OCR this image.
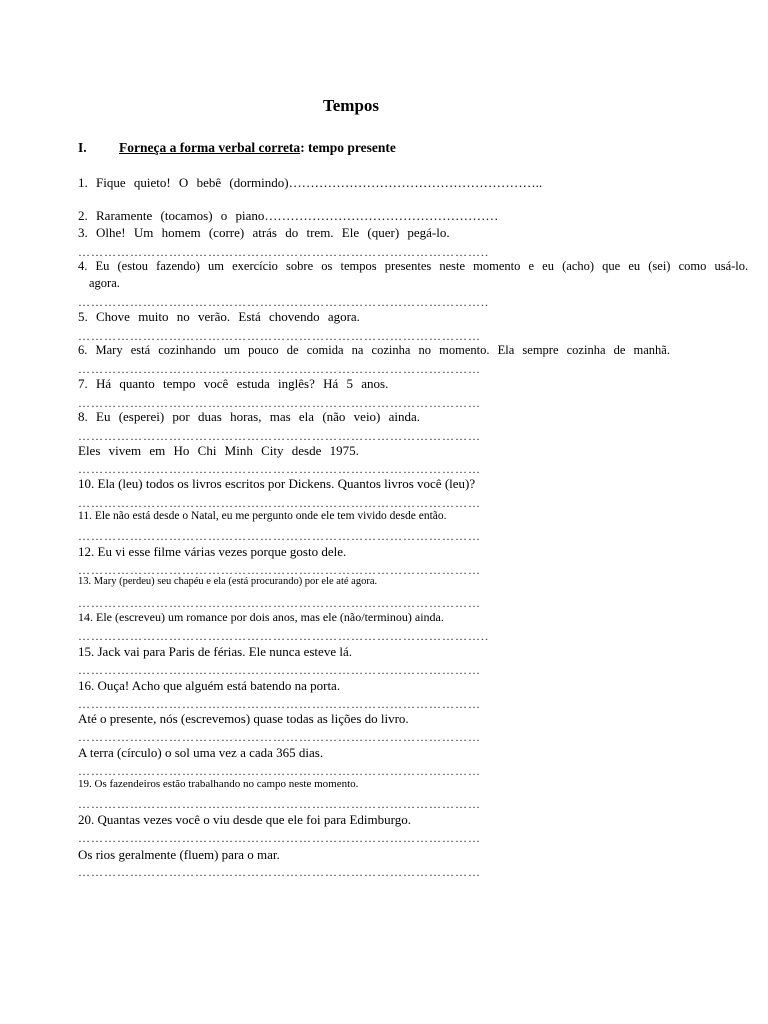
Tempos
I. Forneça a forma verbal correta: tempo presente
1. Fique quieto! O bebê (dormindo)…………………………………………………..
2. Raramente (tocamos) o piano………………………………………………
3. Olhe! Um homem (corre) atrás do trem. Ele (quer) pegá-lo.
…………………………………………………………………………………..
4. Eu (estou fazendo) um exercício sobre os tempos presentes neste momento e eu (acho) que eu (sei) como usá-lo.
agora.
…………………………………………………………………………………..
5. Chove muito no verão. Está chovendo agora.
…………………………………………………………………………………
6. Mary está cozinhando um pouco de comida na cozinha no momento. Ela sempre cozinha de manhã.
…………………………………………………………………………………
7. Há quanto tempo você estuda inglês? Há 5 anos.
…………………………………………………………………………………
8. Eu (esperei) por duas horas, mas ela (não veio) ainda.
…………………………………………………………………………………
Eles vivem em Ho Chi Minh City desde 1975.
…………………………………………………………………………………
10. Ela (leu) todos os livros escritos por Dickens. Quantos livros você (leu)?
…………………………………………………………………………………
11. Ele não está desde o Natal, eu me pergunto onde ele tem vivido desde então.
…………………………………………………………………………………
12. Eu vi esse filme várias vezes porque gosto dele.
…………………………………………………………………………………
13. Mary (perdeu) seu chapéu e ela (está procurando) por ele até agora.
…………………………………………………………………………………
14. Ele (escreveu) um romance por dois anos, mas ele (não/terminou) ainda.
…………………………………………………………………………………..
15. Jack vai para Paris de férias. Ele nunca esteve lá.
…………………………………………………………………………………
16. Ouça! Acho que alguém está batendo na porta.
…………………………………………………………………………………
Até o presente, nós (escrevemos) quase todas as lições do livro.
…………………………………………………………………………………
A terra (círculo) o sol uma vez a cada 365 dias.
…………………………………………………………………………………
19. Os fazendeiros estão trabalhando no campo neste momento.
…………………………………………………………………………………
20. Quantas vezes você o viu desde que ele foi para Edimburgo.
…………………………………………………………………………………
Os rios geralmente (fluem) para o mar.
…………………………………………………………………………………
